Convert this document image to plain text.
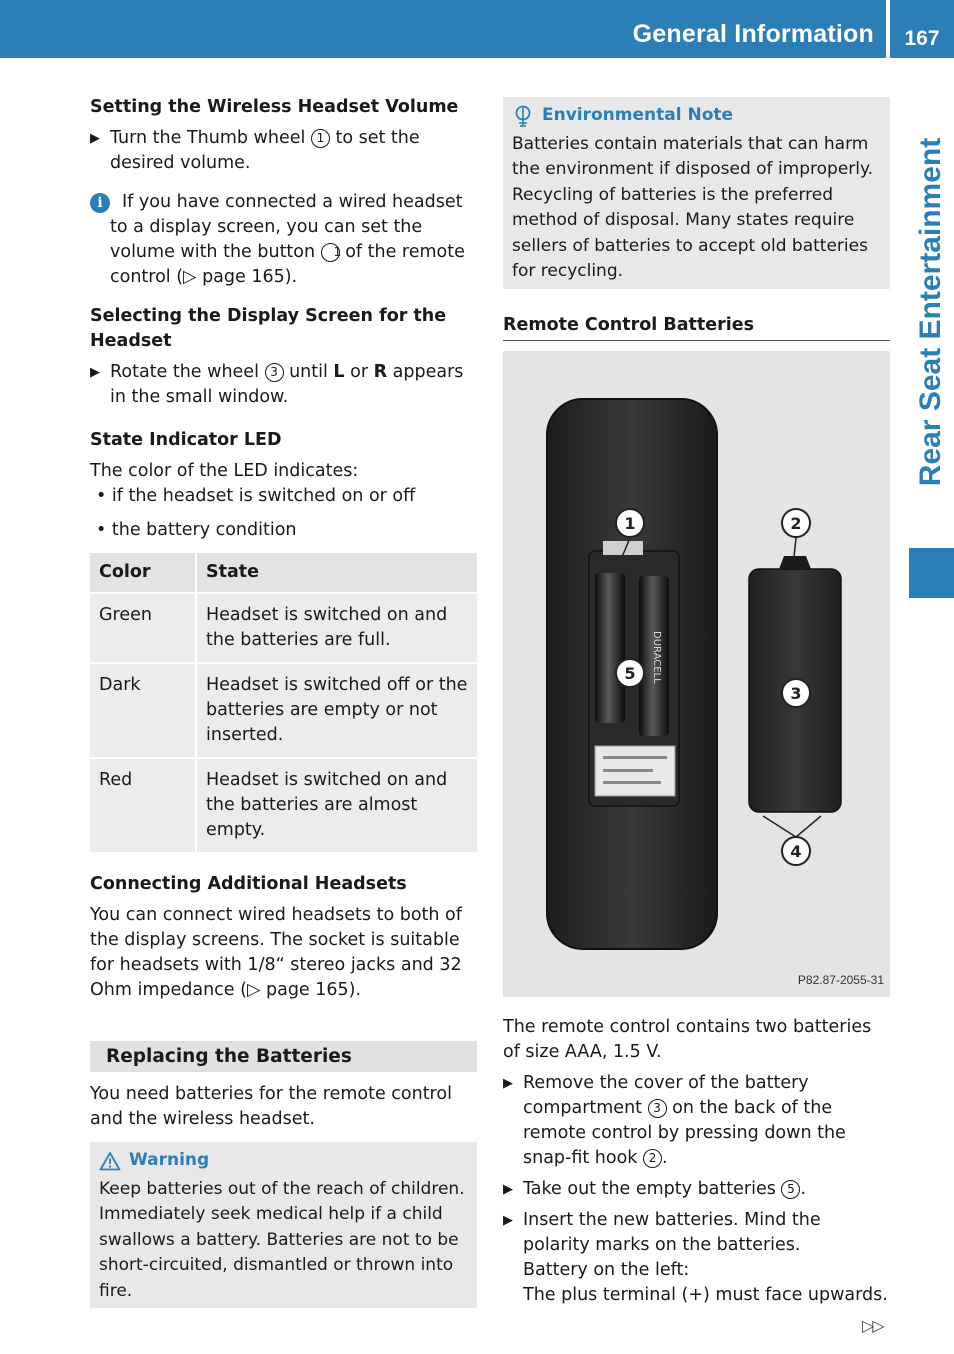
General Information	167
Rear Seat Entertainment
Setting the Wireless Headset Volume
▶ Turn the Thumb wheel 1 to set the desired volume.
i	If you have connected a wired headset to a display screen, you can set the volume with the button 1 of the remote control (▷ page 165).

Selecting the Display Screen for the Headset
▶ Rotate the wheel 3 until L or R appears in the small window.
State Indicator LED

The color of the LED indicates:

• if the headset is switched on or off

• the battery condition

Color	State
Green	Headset is switched on and the batteries are full.
Dark	Headset is switched off or the batteries are empty or not inserted.
Red	Headset is switched on and the batteries are almost empty.
Connecting Additional Headsets

You can connect wired headsets to both of the display screens. The socket is suitable for headsets with 1/8“ stereo jacks and 32 Ohm impedance (▷ page 165).

Replacing the Batteries

You need batteries for the remote control and the wireless headset.

Warning

Keep batteries out of the reach of children. Immediately seek medical help if a child swallows a battery. Batteries are not to be short-circuited, dismantled or thrown into fire.

Environmental Note

Batteries contain materials that can harm the environment if disposed of improperly. Recycling of batteries is the preferred method of disposal. Many states require sellers of batteries to accept old batteries for recycling.

Remote Control Batteries
DURACELL
1	2
3
4
5
P82.87-2055-31

The remote control contains two batteries of size AAA, 1.5 V.

▶ Remove the cover of the battery compartment 3 on the back of the remote control by pressing down the snap-fit hook 2 .
▶ Take out the empty batteries 5 .
▶ Insert the new batteries. Mind the polarity marks on the batteries.
Battery on the left:
The plus terminal (+) must face upwards.
▷▷
